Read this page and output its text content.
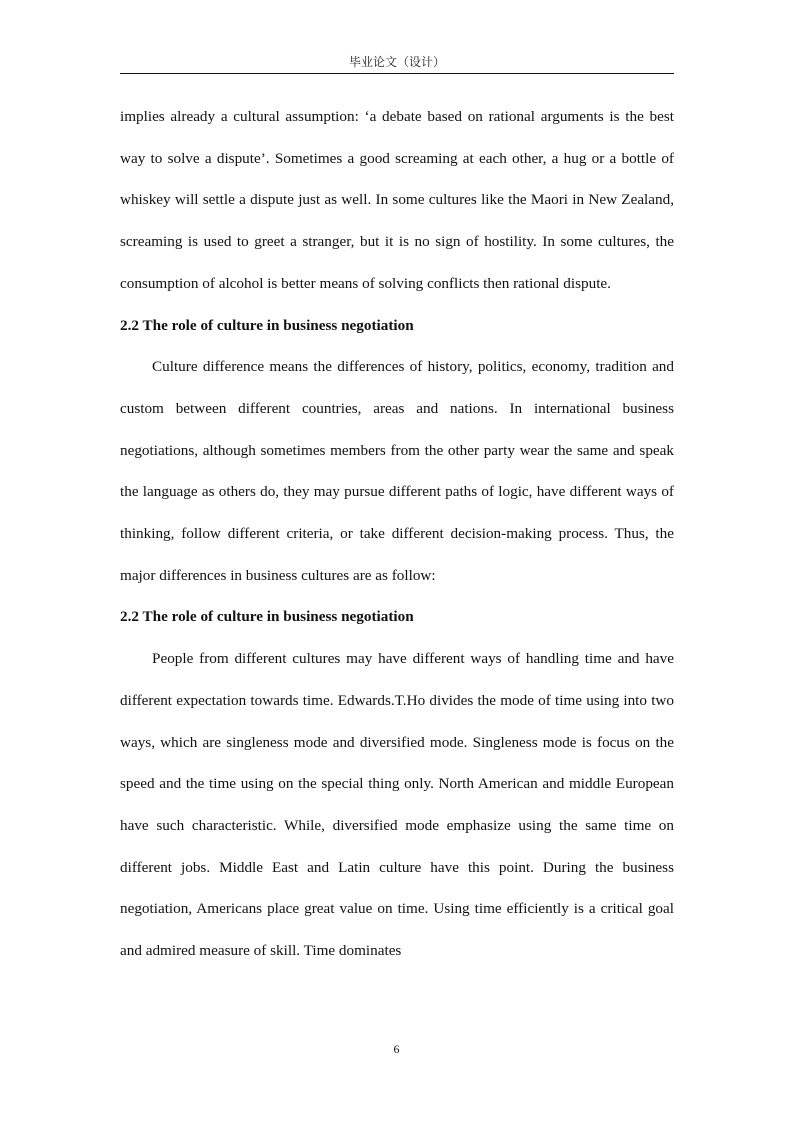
毕业论文（设计）

implies already a cultural assumption: ‘a debate based on rational arguments is the best way to solve a dispute’. Sometimes a good screaming at each other, a hug or a bottle of whiskey will settle a dispute just as well. In some cultures like the Maori in New Zealand, screaming is used to greet a stranger, but it is no sign of hostility. In some cultures, the consumption of alcohol is better means of solving conflicts then rational dispute.

2.2 The role of culture in business negotiation

Culture difference means the differences of history, politics, economy, tradition and custom between different countries, areas and nations. In international business negotiations, although sometimes members from the other party wear the same and speak the language as others do, they may pursue different paths of logic, have different ways of thinking, follow different criteria, or take different decision-making process. Thus, the major differences in business cultures are as follow:

2.2 The role of culture in business negotiation

People from different cultures may have different ways of handling time and have different expectation towards time. Edwards.T.Ho divides the mode of time using into two ways, which are singleness mode and diversified mode. Singleness mode is focus on the speed and the time using on the special thing only. North American and middle European have such characteristic. While, diversified mode emphasize using the same time on different jobs. Middle East and Latin culture have this point. During the business negotiation, Americans place great value on time. Using time efficiently is a critical goal and admired measure of skill. Time dominates

6
